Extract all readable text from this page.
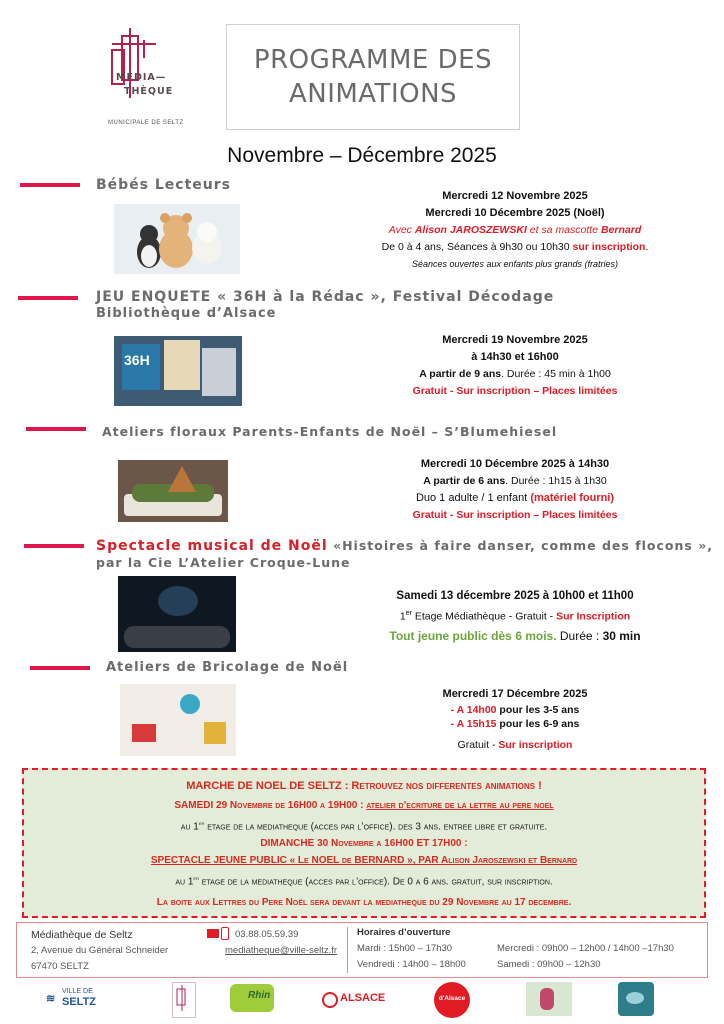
MÉDIA—
THÈQUE
MUNICIPALE DE SELTZ
PROGRAMME DES
ANIMATIONS
Novembre – Décembre 2025
Bébés Lecteurs
Mercredi 12 Novembre 2025
Mercredi 10 Décembre 2025 (Noël)
Avec Alison JAROSZEWSKI et sa mascotte Bernard
De 0 à 4 ans, Séances à 9h30 ou 10h30 sur inscription.
Séances ouvertes aux enfants plus grands (fratries)
JEU ENQUETE « 36H à la Rédac », Festival Décodage
Bibliothèque d’Alsace
36H
Mercredi 19 Novembre 2025
à 14h30 et 16h00
A partir de 9 ans. Durée : 45 min à 1h00
Gratuit - Sur inscription – Places limitées
Ateliers floraux Parents-Enfants de Noël – S’Blumehiesel
Mercredi 10 Décembre 2025 à 14h30
A partir de 6 ans. Durée : 1h15 à 1h30
Duo 1 adulte / 1 enfant (matériel fourni)
Gratuit - Sur inscription – Places limitées
Spectacle musical de Noël «Histoires à faire danser, comme des flocons »,
par la Cie L’Atelier Croque-Lune
Samedi 13 décembre 2025 à 10h00 et 11h00
1er Etage Médiathèque - Gratuit - Sur Inscription
Tout jeune public dès 6 mois. Durée : 30 min
Ateliers de Bricolage de Noël
Mercredi 17 Décembre 2025
- A 14h00 pour les 3-5 ans
- A 15h15 pour les 6-9 ans
Gratuit - Sur inscription
MARCHE DE NOEL DE SELTZ : Retrouvez nos differentes animations !
SAMEDI 29 Novembre de 16H00 a 19H00 : atelier d’ecriture de la lettre au pere noel
au 1er etage de la mediatheque (acces par l’office). des 3 ans. entree libre et gratuite.
DIMANCHE 30 Novembre a 16H00 ET 17H00 :
SPECTACLE JEUNE PUBLIC « Le NOEL de BERNARD », PAR Alison Jaroszewski et Bernard
au 1er etage de la mediatheque (acces par l’office). De 0 a 6 ans. gratuit, sur inscription.
La boite aux Lettres du Pere Noël sera devant la mediatheque du 29 Novembre au 17 decembre.
Médiathèque de Seltz
2, Avenue du Général Schneider
67470 SELTZ
03.88.05.59.39
mediatheque@ville-seltz.fr
Horaires d’ouverture
Mardi : 15h00 – 17h30
Vendredi : 14h00 – 18h00
Mercredi : 09h00 – 12h00 / 14h00 –17h30
Samedi : 09h00 – 12h30
≋
VILLE DE
SELTZ
Rhin	ALSACE	d'Alsace
